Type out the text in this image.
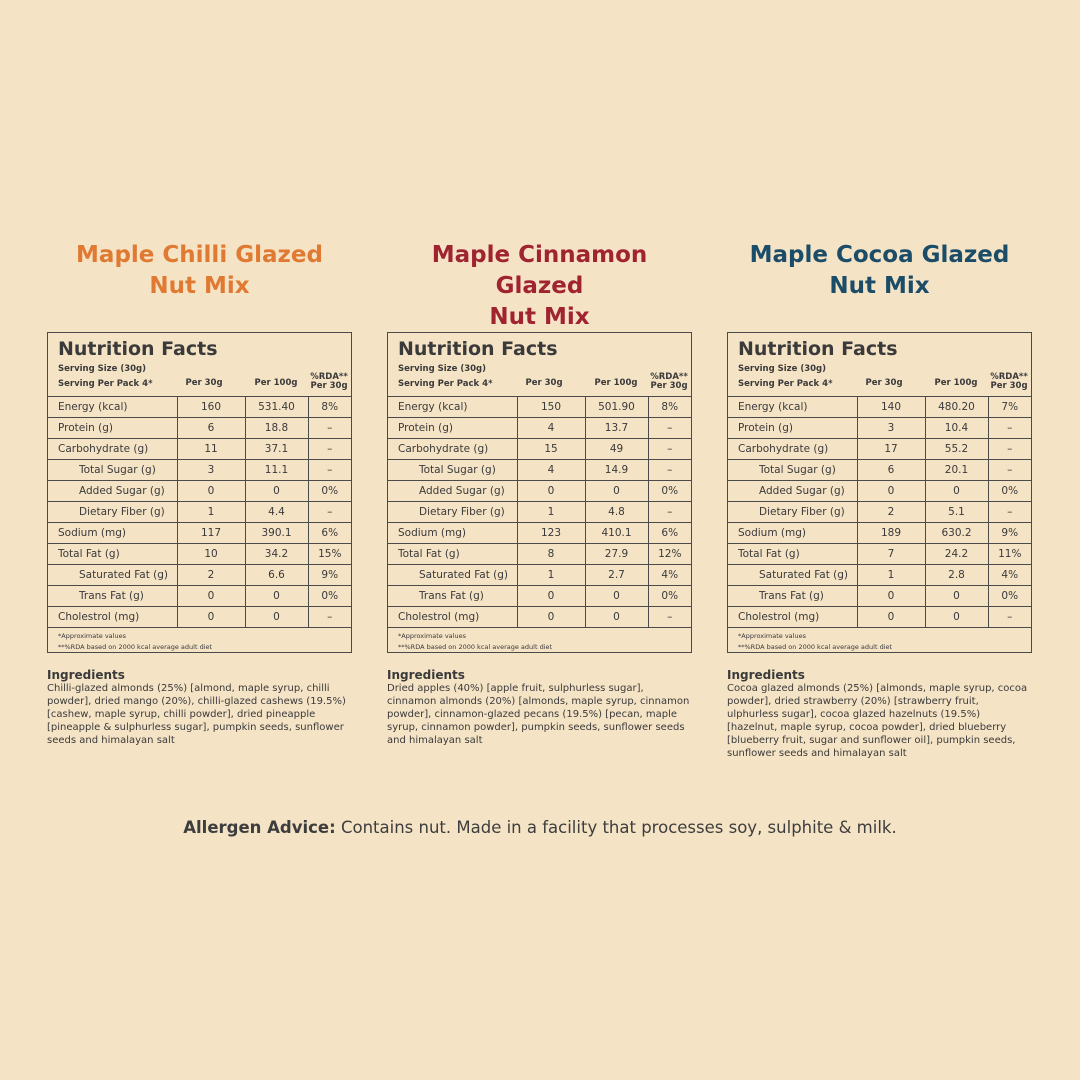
Maple Chilli Glazed
Nut Mix
Nutrition Facts
Serving Size (30g)
Serving Per Pack 4*	Per 30g	Per 100g
%RDA**
Per 30g
Energy (kcal)	160	531.40	8%
Protein (g)	6	18.8	–
Carbohydrate (g)	11	37.1	–
Total Sugar (g)	3	11.1	–
Added Sugar (g)	0	0	0%
Dietary Fiber (g)	1	4.4	–
Sodium (mg)	117	390.1	6%
Total Fat (g)	10	34.2	15%
Saturated Fat (g)	2	6.6	9%
Trans Fat (g)	0	0	0%
Cholestrol (mg)	0	0	–
*Approximate values
**%RDA based on 2000 kcal average adult diet
Ingredients

Chilli-glazed almonds (25%) [almond, maple syrup, chilli powder], dried mango (20%), chilli-glazed cashews (19.5%) [cashew, maple syrup, chilli powder], dried pineapple [pineapple & sulphurless sugar], pumpkin seeds, sunflower seeds and himalayan salt

Maple Cinnamon Glazed
Nut Mix
Nutrition Facts
Serving Size (30g)
Serving Per Pack 4*	Per 30g	Per 100g
%RDA**
Per 30g
Energy (kcal)	150	501.90	8%
Protein (g)	4	13.7	–
Carbohydrate (g)	15	49	–
Total Sugar (g)	4	14.9	–
Added Sugar (g)	0	0	0%
Dietary Fiber (g)	1	4.8	–
Sodium (mg)	123	410.1	6%
Total Fat (g)	8	27.9	12%
Saturated Fat (g)	1	2.7	4%
Trans Fat (g)	0	0	0%
Cholestrol (mg)	0	0	–
*Approximate values
**%RDA based on 2000 kcal average adult diet
Ingredients

Dried apples (40%) [apple fruit, sulphurless sugar], cinnamon almonds (20%) [almonds, maple syrup, cinnamon powder], cinnamon-glazed pecans (19.5%) [pecan, maple syrup, cinnamon powder], pumpkin seeds, sunflower seeds and himalayan salt

Maple Cocoa Glazed
Nut Mix
Nutrition Facts
Serving Size (30g)
Serving Per Pack 4*	Per 30g	Per 100g
%RDA**
Per 30g
Energy (kcal)	140	480.20	7%
Protein (g)	3	10.4	–
Carbohydrate (g)	17	55.2	–
Total Sugar (g)	6	20.1	–
Added Sugar (g)	0	0	0%
Dietary Fiber (g)	2	5.1	–
Sodium (mg)	189	630.2	9%
Total Fat (g)	7	24.2	11%
Saturated Fat (g)	1	2.8	4%
Trans Fat (g)	0	0	0%
Cholestrol (mg)	0	0	–
*Approximate values
**%RDA based on 2000 kcal average adult diet
Ingredients

Cocoa glazed almonds (25%) [almonds, maple syrup, cocoa powder], dried strawberry (20%) [strawberry fruit, ulphurless sugar], cocoa glazed hazelnuts (19.5%) [hazelnut, maple syrup, cocoa powder], dried blueberry [blueberry fruit, sugar and sunflower oil], pumpkin seeds, sunflower seeds and himalayan salt

Allergen Advice: Contains nut. Made in a facility that processes soy, sulphite & milk.
